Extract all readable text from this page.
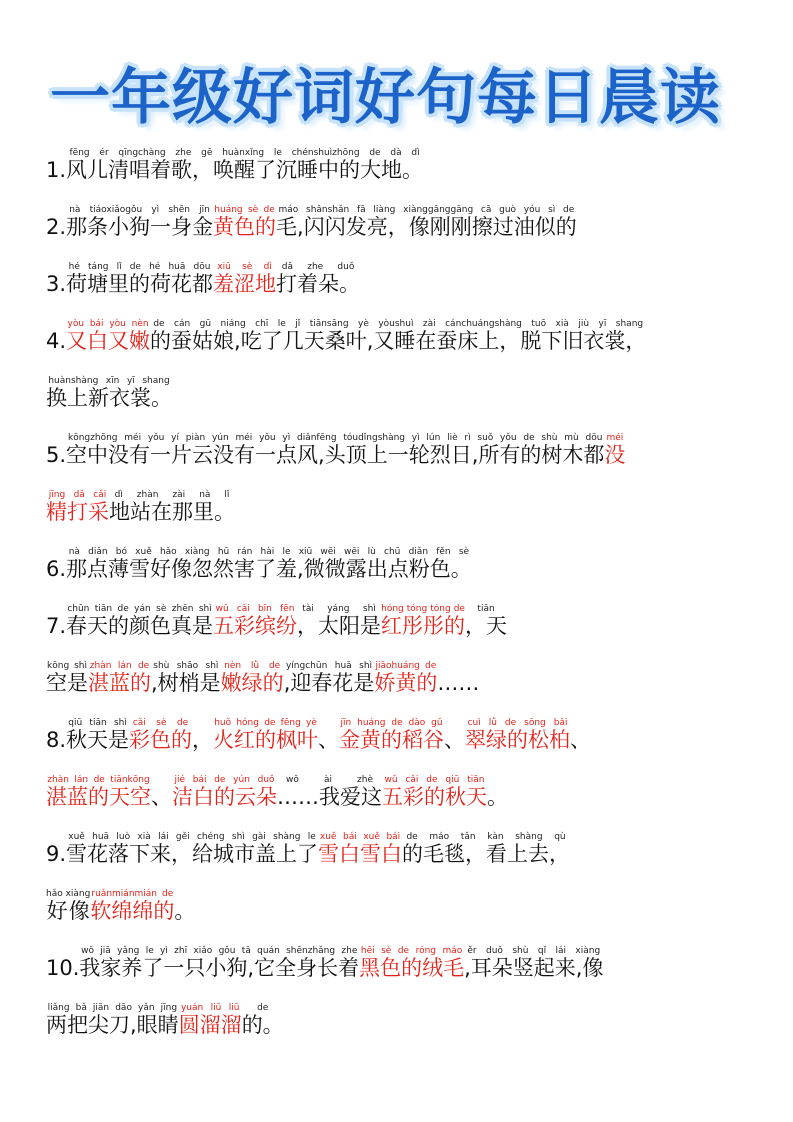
一年级好词好句每日晨读
1.风儿清唱着歌，唤醒了沉睡中的大地。fēng ér qīngchàng zhe gē huànxǐng le chénshuìzhōng de dà dì
2.那条小狗一身金nà tiáoxiǎogǒu yì shēn jīn黄色的huáng sè de毛,闪闪发亮，像刚刚擦过油似的máo shǎnshǎn fā liàng xiànggānggāng cā guò yóu sì de
3.荷塘里的荷花都hé táng lǐ de hé huā dōu羞涩地xiū sè dì打着朵。dǎ zhe duǒ
4.又白又嫩yòu bái yòu nèn的蚕姑娘,吃了几天桑叶,又睡在蚕床上，脱下旧衣裳，de cán gū niáng chī le jǐ tiānsāng yè yòushuì zài cánchuángshàng tuō xià jiù yī shang
换上新衣裳。huànshàng xīn yī shang
5.空中没有一片云没有一点风,头顶上一轮烈日,所有的树木都kōngzhōng méi yǒu yí piàn yún méi yǒu yì diǎnfēng tóudǐngshàng yì lún liè rì suǒ yǒu de shù mù dōu没méi
精打采jīng dǎ cǎi地站在那里。dì zhàn zài nà lǐ
6.那点薄雪好像忽然害了羞,微微露出点粉色。nà diǎn bó xuě hǎo xiàng hū rán hài le xiū wēi wēi lù chū diǎn fěn sè
7.春天的颜色真是chūn tiān de yán sè zhēn shì五彩缤纷wǔ cǎi bīn fēn，太阳是tài yáng shì红彤彤的hóng tóng tóng de，天tiān
空是kōng shì湛蓝的zhàn lán de,树梢是shù shāo shì嫩绿的nèn lǜ de,迎春花是yíngchūn huā shì娇黄的jiāohuáng de……
8.秋天是qiū tiān shì彩色的cǎi sè de，火红的枫叶huǒ hóng de fēng yè、金黄的稻谷jīn huáng de dào gǔ、翠绿的松柏cuì lǜ de sōng bǎi、
湛蓝的天空zhàn lán de tiānkōng、洁白的云朵jié bái de yún duǒ……我爱这wǒ ài zhè五彩的秋天wǔ cǎi de qiū tiān。
9.雪花落下来，给城市盖上了xuě huā luò xià lái gěi chéng shì gài shàng le雪白雪白xuě bái xuě bái的毛毯，看上去，de máo tǎn kàn shàng qù
好像hǎo xiàng软绵绵的ruǎnmiánmián de。
10.我家养了一只小狗,它全身长着wǒ jiā yǎng le yì zhī xiǎo gǒu tā quán shēnzhǎng zhe黑色的绒毛hēi sè de róng máo,耳朵竖起来,像ěr duǒ shù qǐ lái xiàng
两把尖刀,眼睛liǎng bǎ jiān dāo yǎn jīng圆溜溜yuán liū liū的。de
